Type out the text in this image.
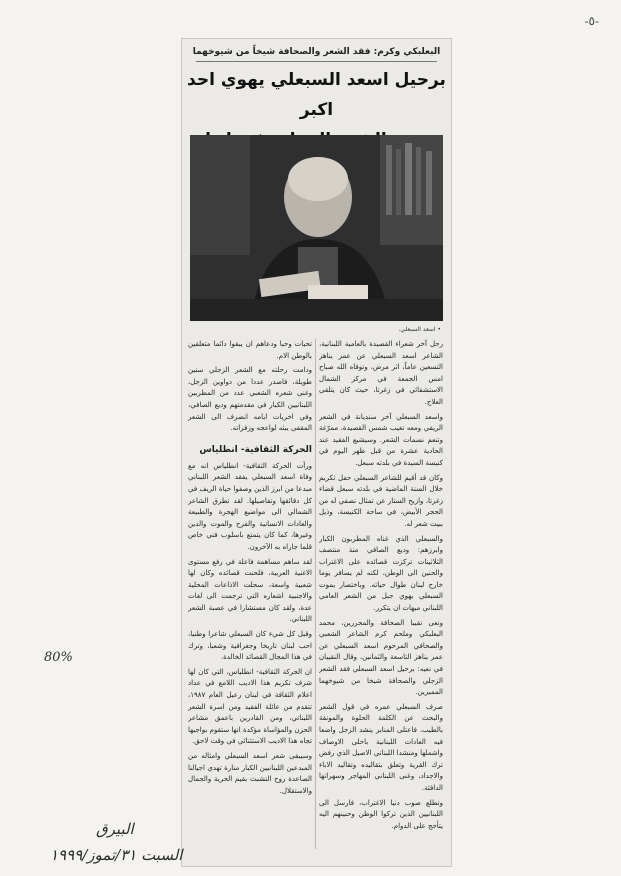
-٥-
البعلبكي وكرم: فقد الشعر والصحافة شيخاً من شيوخهما
برحيل اسعد السبعلي يهوي احد اكبر
• اسعد السبعلي.

رحل آخر شعراء القصيدة بالعامية اللبنانية، الشاعر اسعد السبعلي عن عمر يناهز التسعين عاماً، اثر مرض، وتوفاه الله صباح امس الجمعة في مركز الشمال الاستشفائي في زغرتا، حيث كان يتلقى العلاج.

واسعد السبعلي آخر سنديانة في الشعر الريفي ومعه تغيب شمس القصيدة، ممرّغة وتنعم نسمات الشعر. وسيشيع الفقيد عند الحادية عشرة من قبل ظهر اليوم في كنيسة السيدة في بلدته سبعل.

وكان قد أقيم للشاعر السبعلي حفل تكريم خلال السنة الماضية في بلدته سبعل قضاء زغرتا، وازيح الستار عن تمثال نصفي له من الحجر الأبيض، في ساحة الكنيسة، وذيل ببيت شعر له.

والسبعلي الذي غناه المطربون الكبار وابرزهم: وديع الصافي منذ منتصف الثلاثينات تركزت قصائده على الاغتراب والحنين الى الوطن، لكنه لم يسافر يوما خارج لبنان طوال حياته. وباختصار بموت السبعلي يهوي جبل من الشعر العامي اللبناني ميهات ان يتكرر.

ونعى نقيبا الصحافة والمحررين، محمد البعلبكي وملحم كرم الشاعر الشعبي والصحافي المرحوم اسعد السبعلي عن عمر يناهز التاسعة والثمانين، وقال النقيبان في نعيه: برحيل اسعد السبعلي فقد الشعر الزجلي والصحافة شيخا من شيوخهما المميزين.

صرف السبعلي عمره في قول الشعر والبحث عن الكلمة الحلوة والمونقة بالطيب. فاعتلى المنابر ينشد الزجل واضعا فيه العادات اللبنانية باحلى الاوصاف واشملها ومنشدا اللبناني الاصيل الذي رفض ترك القرية وتعلق بتقاليده وتقاليد الاباء والاجداد، وغنى اللبناني المهاجر وسهراتها الدافئة.

وتطلع صوب دنيا الاغتراب، فارسل الى اللبنانيين الذين تركوا الوطن وحنينهم اليه يتأجج على الدوام.

تحيات وحبا ودعاهم ان يبقوا دائما متعلقين بالوطن الام.

ودامت رحلته مع الشعر الزجلي سنين طويلة، فاصدر عددا من دواوين الزجل، وغنى شعره الشعبي عدد من المطربين اللبنانيين الكبار في مقدمتهم وديع الصافي، وفي اخريات ايامه انصرف الى الشعر المقفى يبثه لواعجه وزفراته.

الحركة الثقافية- انطلياس

ورأت الحركة الثقافية- انطلياس انه مع وفاة اسعد السبعلي يفقد الشعر اللبناني مبدعا من ابرز الذين وصفوا حياة الريف في كل دقائقها وتفاصيلها. لقد تطرق الشاعر الشمالي الى مواضيع الهجرة والطبيعة والعادات الانسانية والفرح والموت والدين وغيرها، كما كان يتمتع باسلوب فني خاص قلما جاراه به الآخرون.

لقد ساهم مساهمة فاعلة في رفع مستوى الاغنية العربية، فلحنت قصائده وكان لها شعبية واسعة، سجلت الاذاعات المحلية والاجنبية اشعاره التي ترجمت الى لغات عدة، ولقد كان مستشارا في عصبة الشعر اللبناني.

وقبل كل شيء كان السبعلي شاعرا وطنيا، احب لبنان تاريخا وجغرافية وشعبا، وترك في هذا المجال القصائد الخالدة.

ان الحركة الثقافية- انطلياس، التي كان لها شرف تكريم هذا الاديب اللامع في عداد اعلام الثقافة في لبنان رعيل العام ١٩٨٧، تتقدم من عائلة الفقيد ومن اسرة الشعر اللبناني، ومن القادرين باعمق مشاعر الحزن والمؤاساة مؤكدة انها ستقوم بواجبها تجاه هذا الاديب الاستثنائي في وقت لاحق.

وسيبقى شعر اسعد السبعلي وامثاله من المبدعين اللبنانيين الكبار منارة تهدي اجيالنا الصاعدة روح التشبث بقيم الحرية والجمال والاستقلال.

80%
البيرق
السبت ٣١/تموز/١٩٩٩
